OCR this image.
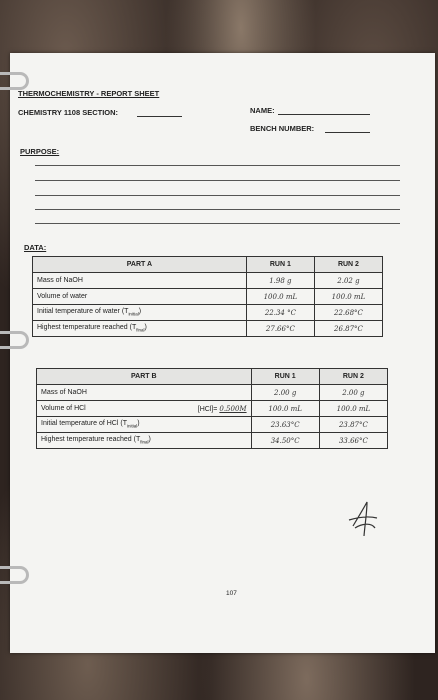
THERMOCHEMISTRY - REPORT SHEET
CHEMISTRY 1108 SECTION:	NAME:
BENCH NUMBER:
PURPOSE:
DATA:
PART A	RUN 1	RUN 2
Mass of NaOH	1.98 g	2.02 g
Volume of water	100.0 mL	100.0 mL
Initial temperature of water $(T_{initial})$	22.34 °C	22.68°C
Highest temperature reached $(T_{final})$	27.66°C	26.87°C
PART B	RUN 1	RUN 2
Mass of NaOH	2.00 g	2.00 g
Volume of HCl [HCl]= 0.500M	100.0 mL	100.0 mL
Initial temperature of HCl $(T_{initial})$	23.63°C	23.87°C
Highest temperature reached $(T_{final})$	34.50°C	33.66°C
107
